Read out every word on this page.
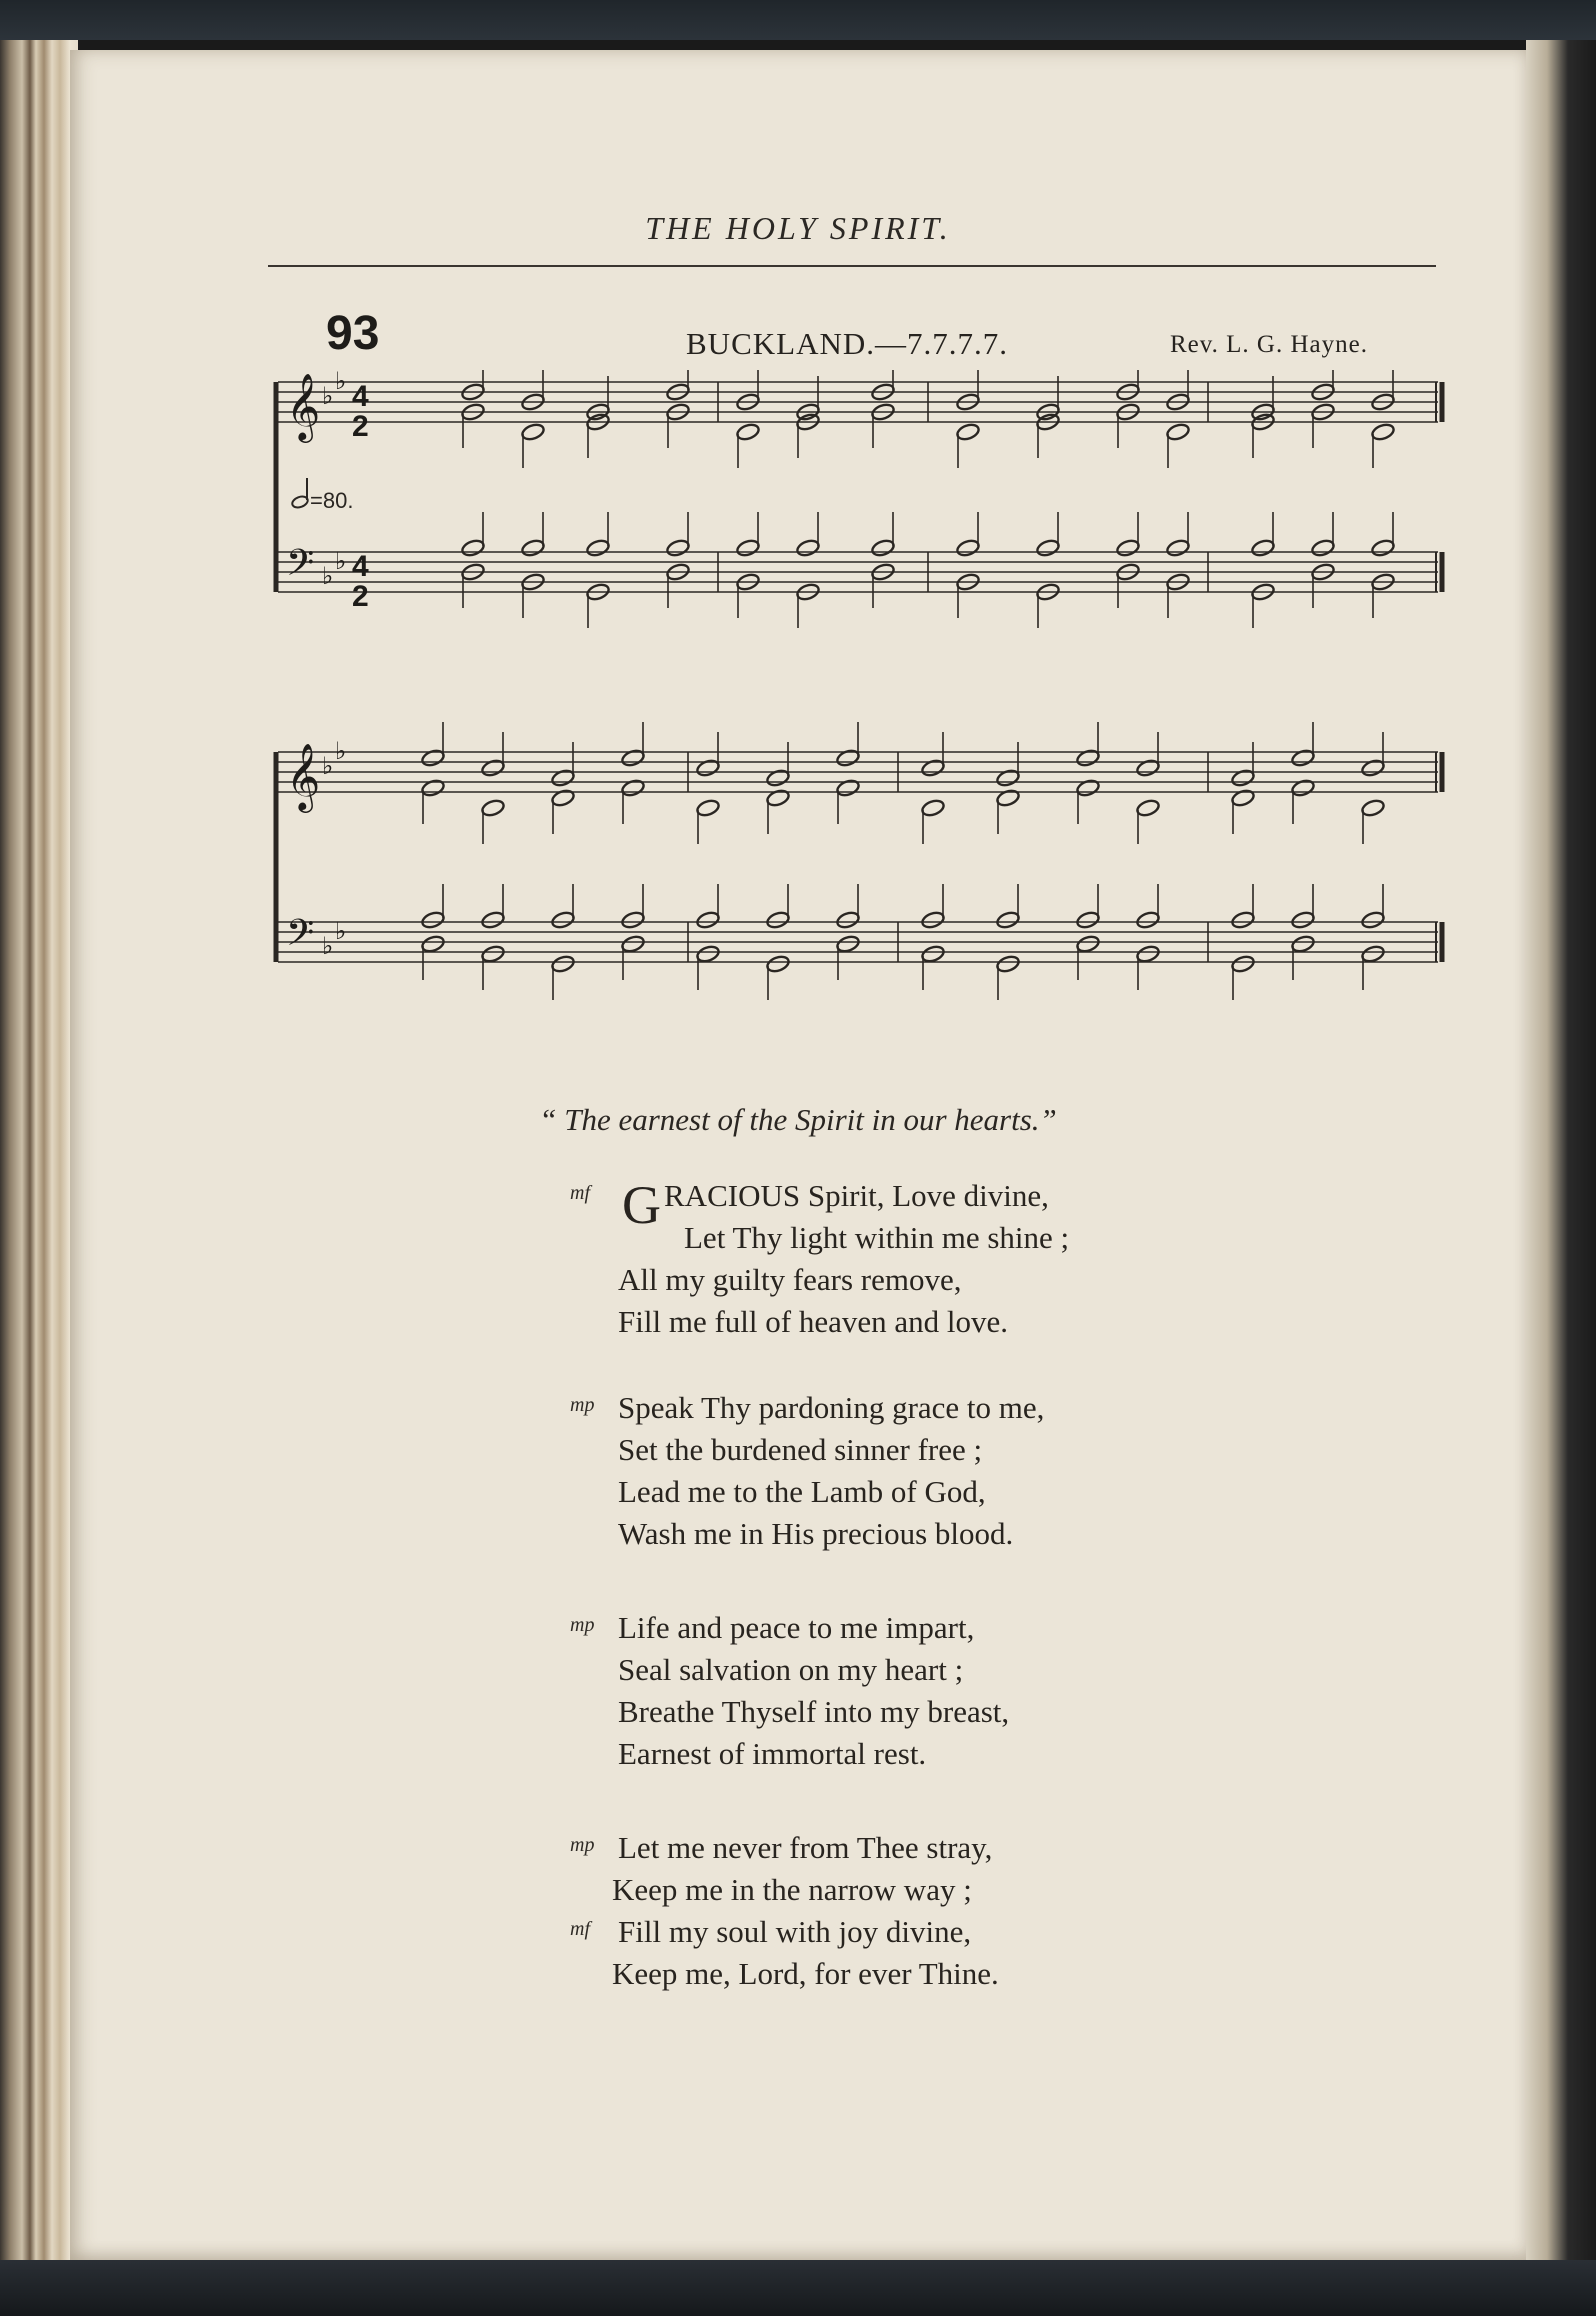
THE HOLY SPIRIT.
93	BUCKLAND.—7.7.7.7.	Rev. L. G. Hayne.
𝄞 ♭
♭
𝄢 ♭
♭
𝄞 ♭
♭
𝄢 ♭
♭
=80.
4
2
4
2
“ The earnest of the Spirit in our hearts.”
mf G RACIOUS Spirit, Love divine,
Let Thy light within me shine ;
All my guilty fears remove,
Fill me full of heaven and love.
mp Speak Thy pardoning grace to me,
Set the burdened sinner free ;
Lead me to the Lamb of God,
Wash me in His precious blood.
mp Life and peace to me impart,
Seal salvation on my heart ;
Breathe Thyself into my breast,
Earnest of immortal rest.
mp Let me never from Thee stray,
Keep me in the narrow way ;
mf Fill my soul with joy divine,
Keep me, Lord, for ever Thine.
